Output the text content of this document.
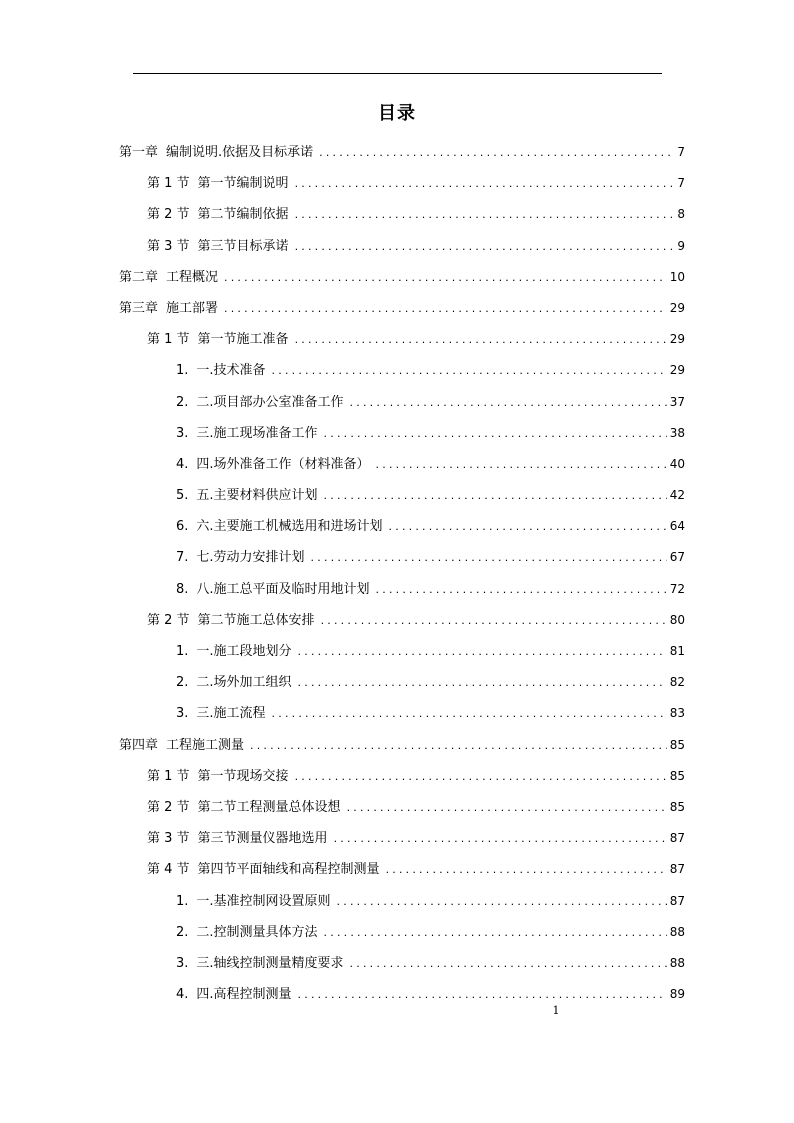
目录
第一章 编制说明.依据及目标承诺 .....	7
第 1 节 第一节编制说明 .....	7
第 2 节 第二节编制依据 .....	8
第 3 节 第三节目标承诺 .....	9
第二章 工程概况 .....	10
第三章 施工部署 .....	29
第 1 节 第一节施工准备 .....	29
1. 一.技术准备 .....	29
2. 二.项目部办公室准备工作 .....	37
3. 三.施工现场准备工作 .....	38
4. 四.场外准备工作（材料准备） .....	40
5. 五.主要材料供应计划 .....	42
6. 六.主要施工机械选用和进场计划 .....	64
7. 七.劳动力安排计划 .....	67
8. 八.施工总平面及临时用地计划 .....	72
第 2 节 第二节施工总体安排 .....	80
1. 一.施工段地划分 .....	81
2. 二.场外加工组织 .....	82
3. 三.施工流程 .....	83
第四章 工程施工测量 .....	85
第 1 节 第一节现场交接 .....	85
第 2 节 第二节工程测量总体设想 .....	85
第 3 节 第三节测量仪器地选用 .....	87
第 4 节 第四节平面轴线和高程控制测量 .....	87
1. 一.基准控制网设置原则 .....	87
2. 二.控制测量具体方法 .....	88
3. 三.轴线控制测量精度要求 .....	88
4. 四.高程控制测量 .....	89
1
